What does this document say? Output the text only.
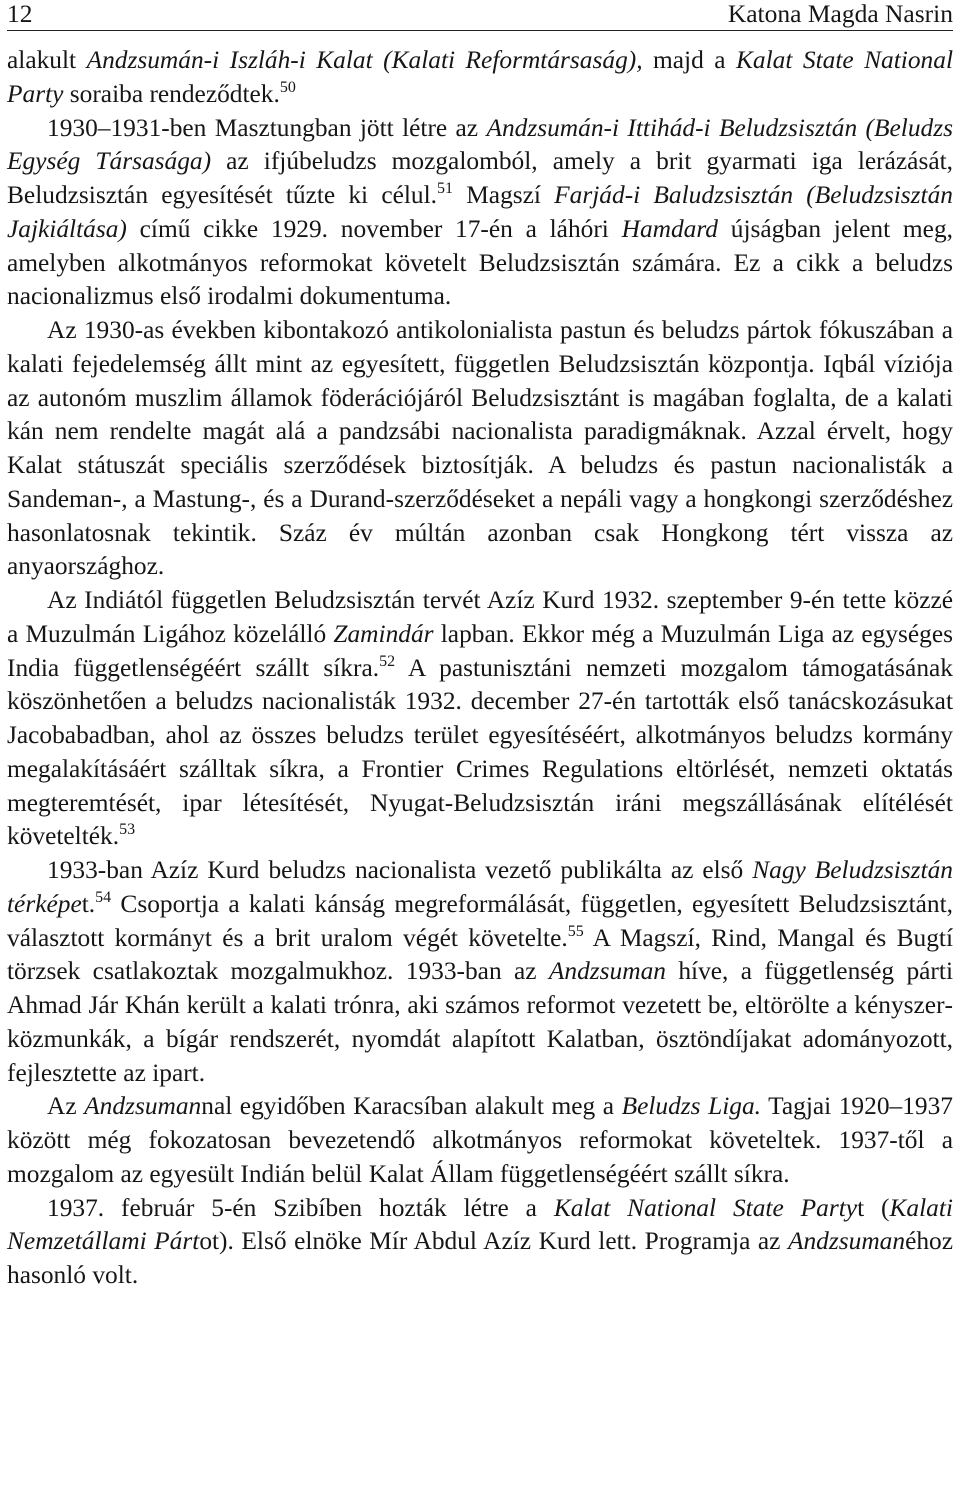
12	Katona Magda Nasrin

alakult Andzsumán-i Iszláh-i Kalat (Kalati Reformtársaság), majd a Kalat State National Party soraiba rendeződtek.$^{50}$

1930–1931-ben Masztungban jött létre az Andzsumán-i Ittihád-i Beludzsisztán (Beludzs Egység Társasága) az ifjúbeludzs mozgalomból, amely a brit gyarmati iga lerázását, Beludzsisztán egyesítését tűzte ki célul.$^{51}$ Magszí Farjád-i Baludzsisztán (Beludzsisztán Jajkiáltása) című cikke 1929. november 17-én a láhóri Hamdard újságban jelent meg, amelyben alkotmányos reformokat követelt Beludzsisztán számára. Ez a cikk a beludzs nacionalizmus első irodalmi dokumentuma.

Az 1930-as években kibontakozó antikolonialista pastun és beludzs pártok fókuszában a kalati fejedelemség állt mint az egyesített, független Beludzsisztán központja. Iqbál víziója az autonóm muszlim államok föderációjáról Beludzsisztánt is magában foglalta, de a kalati kán nem rendelte magát alá a pandzsábi nacionalista paradigmáknak. Azzal érvelt, hogy Kalat státuszát speciális szerződések biztosítják. A beludzs és pastun nacionalisták a Sandeman-, a Mastung-, és a Durand-szerződéseket a nepáli vagy a hongkongi szerződéshez hasonlatosnak tekintik. Száz év múltán azonban csak Hongkong tért vissza az anyaországhoz.

Az Indiától független Beludzsisztán tervét Azíz Kurd 1932. szeptember 9-én tette közzé a Muzulmán Ligához közelálló Zamindár lapban. Ekkor még a Muzulmán Liga az egységes India függetlenségéért szállt síkra.$^{52}$ A pastunisztáni nemzeti mozgalom támogatásának köszönhetően a beludzs nacionalisták 1932. december 27-én tartották első tanácskozásukat Jacobabadban, ahol az összes beludzs terület egyesítéséért, alkotmányos beludzs kormány megalakításáért szálltak síkra, a Frontier Crimes Regulations eltörlését, nemzeti oktatás megteremtését, ipar létesítését, Nyugat-Beludzsisztán iráni megszállásának elítélését követelték.$^{53}$

1933-ban Azíz Kurd beludzs nacionalista vezető publikálta az első Nagy Beludzsisztán térképet.$^{54}$ Csoportja a kalati kánság megreformálását, független, egyesített Beludzsisztánt, választott kormányt és a brit uralom végét követelte.$^{55}$ A Magszí, Rind, Mangal és Bugtí törzsek csatlakoztak mozgalmukhoz. 1933-ban az Andzsuman híve, a függetlenség párti Ahmad Jár Khán került a kalati trónra, aki számos reformot vezetett be, eltörölte a kényszerközmunkák, a bígár rendszerét, nyomdát alapított Kalatban, ösztöndíjakat adományozott, fejlesztette az ipart.

Az Andzsumannal egyidőben Karacsíban alakult meg a Beludzs Liga. Tagjai 1920–1937 között még fokozatosan bevezetendő alkotmányos reformokat követeltek. 1937-től a mozgalom az egyesült Indián belül Kalat Állam függetlenségéért szállt síkra.

1937. február 5-én Szibíben hozták létre a Kalat National State Partyt (Kalati Nemzetállami Pártot). Első elnöke Mír Abdul Azíz Kurd lett. Programja az Andzsumanéhoz hasonló volt.
